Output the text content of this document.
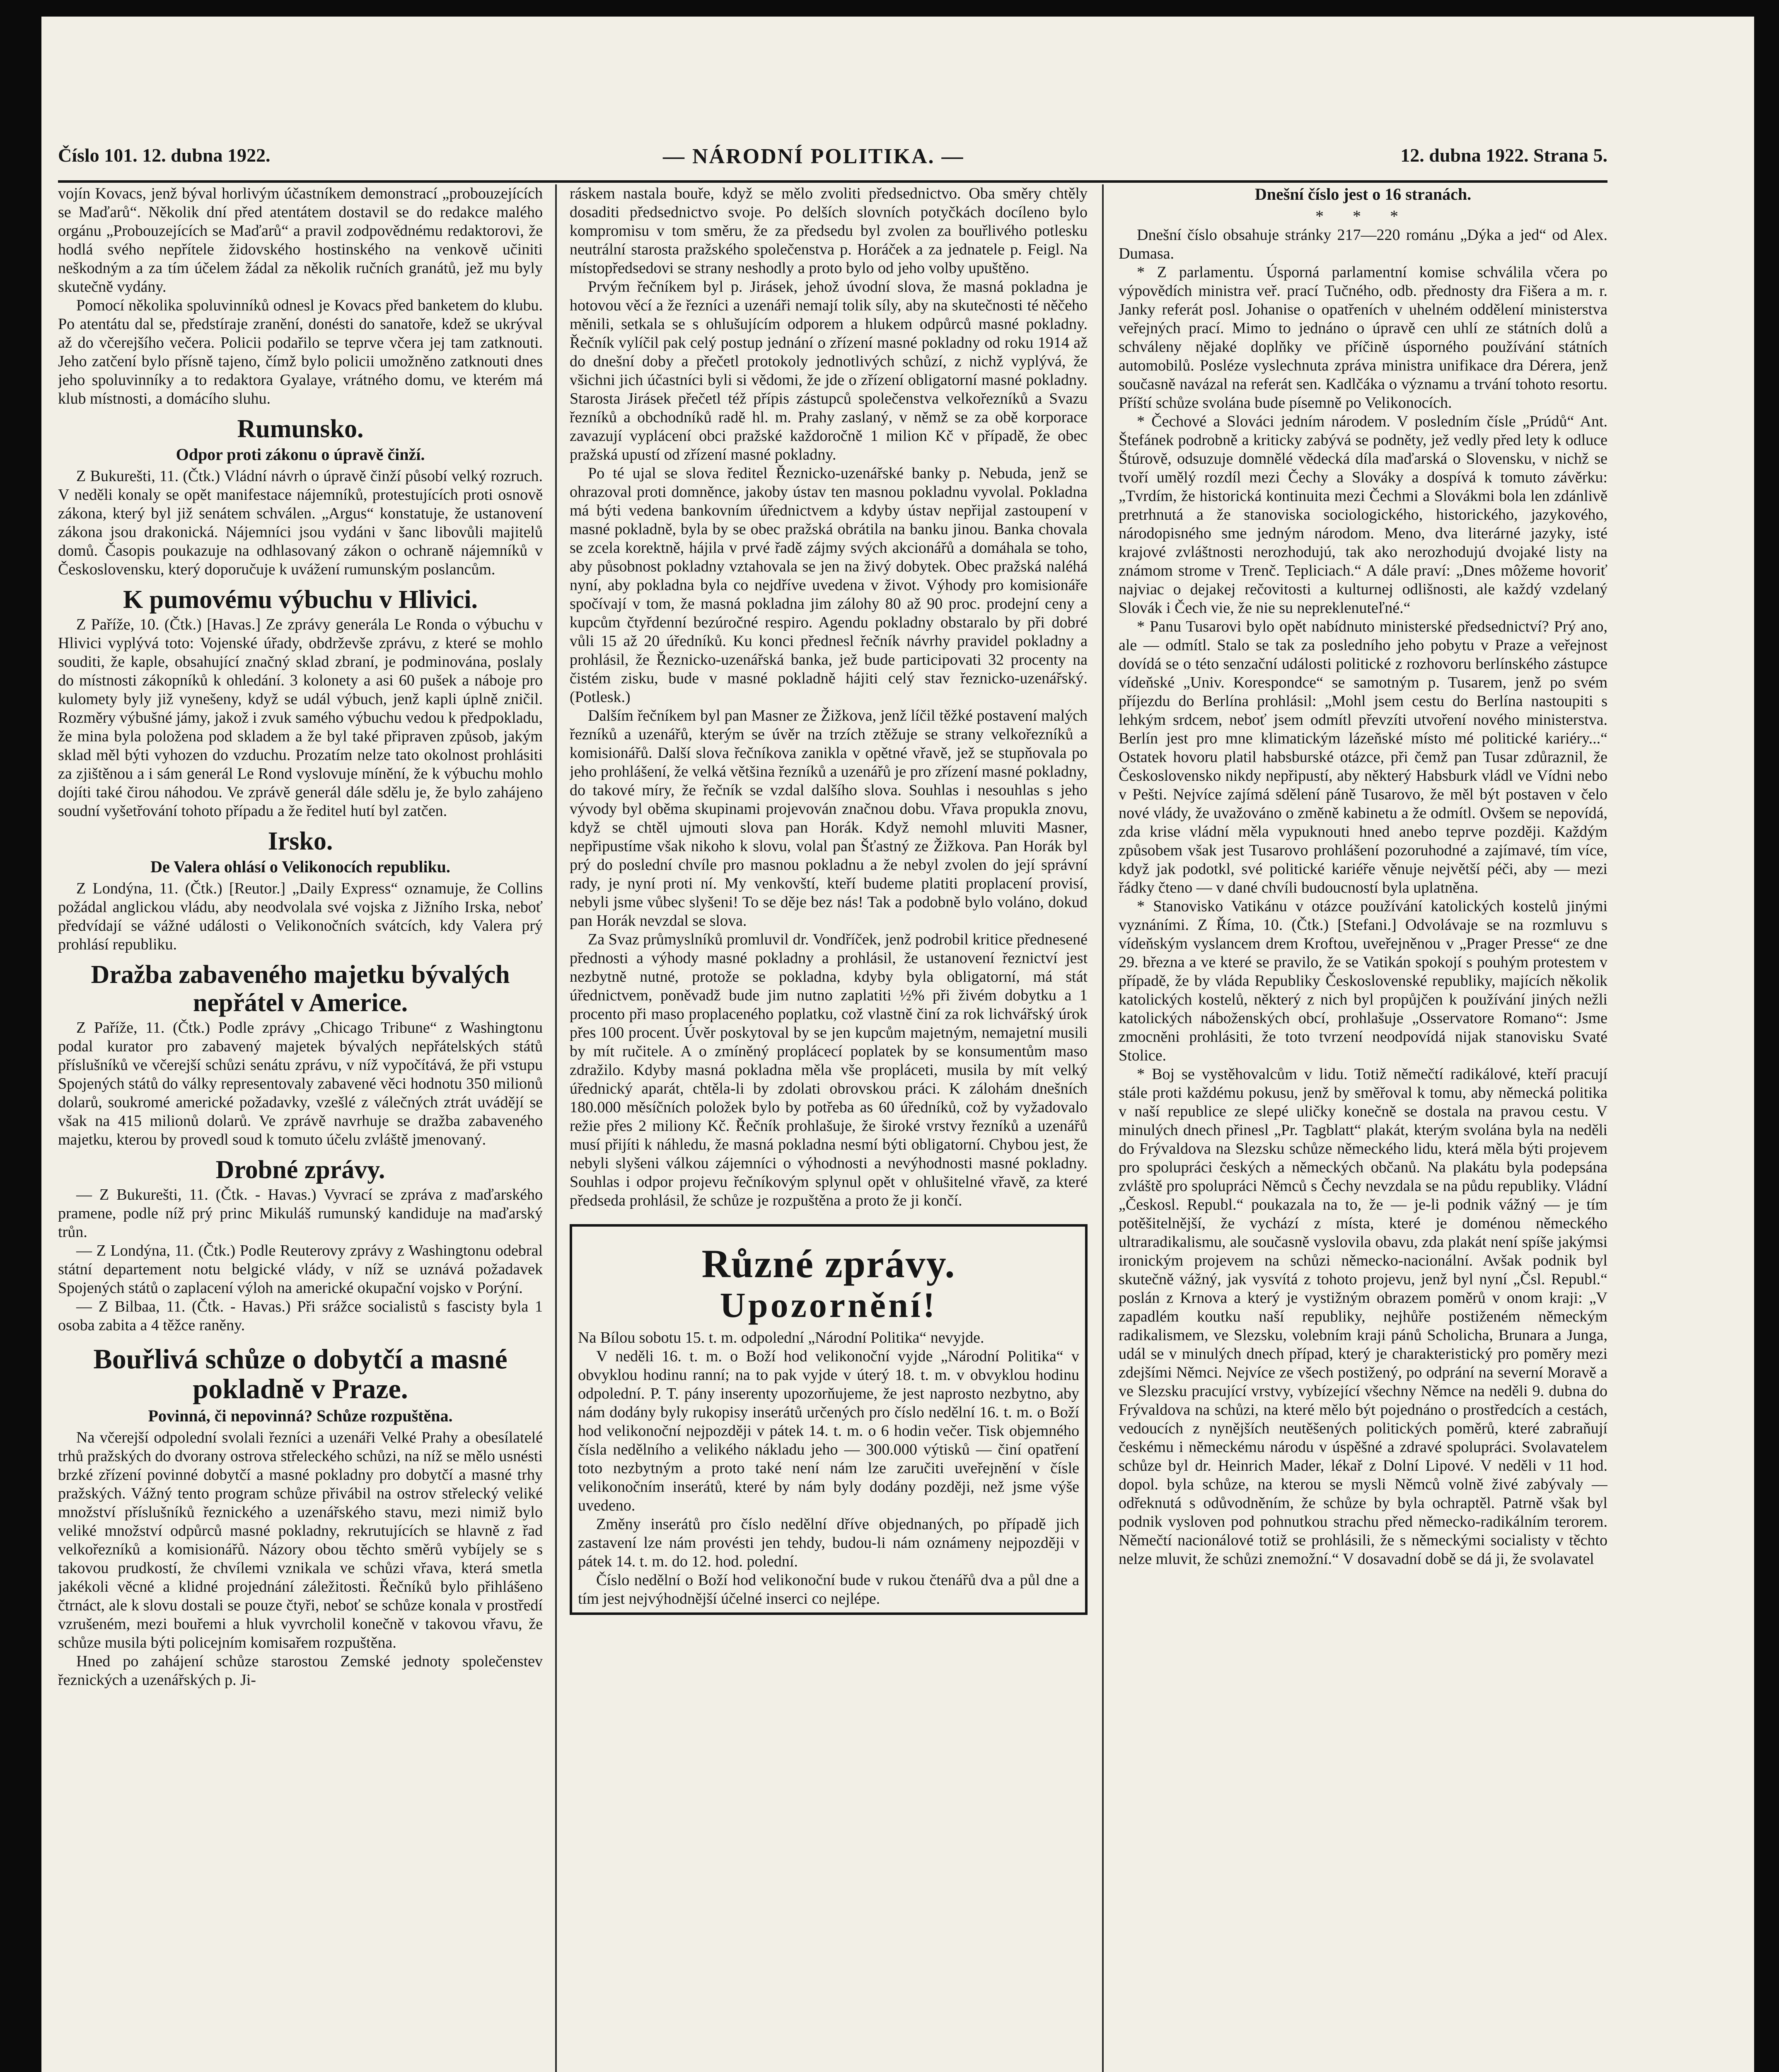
Číslo 101. 12. dubna 1922.	— NÁRODNÍ POLITIKA. —	12. dubna 1922. Strana 5.
vojín Kovacs, jenž býval horlivým účastníkem demonstrací „probouzejících se Maďarů“. Několik dní před atentátem dostavil se do redakce malého orgánu „Probouzejících se Maďarů“ a pravil zodpovědnému redaktorovi, že hodlá svého nepřítele židovského hostinského na venkově učiniti neškodným a za tím účelem žádal za několik ručních granátů, jež mu byly skutečně vydány.
Pomocí několika spoluvinníků odnesl je Kovacs před banketem do klubu. Po atentátu dal se, předstíraje zranění, donésti do sanatoře, kdež se ukrýval až do včerejšího večera. Policii podařilo se teprve včera jej tam zatknouti. Jeho zatčení bylo přísně tajeno, čímž bylo policii umožněno zatknouti dnes jeho spoluvinníky a to redaktora Gyalaye, vrátného domu, ve kterém má klub místnosti, a domácího sluhu.
Rumunsko.
Odpor proti zákonu o úpravě činží.
Z Bukurešti, 11. (Čtk.) Vládní návrh o úpravě činží působí velký rozruch. V neděli konaly se opět manifestace nájemníků, protestujících proti osnově zákona, který byl již senátem schválen. „Argus“ konstatuje, že ustanovení zákona jsou drakonická. Nájemníci jsou vydáni v šanc libovůli majitelů domů. Časopis poukazuje na odhlasovaný zákon o ochraně nájemníků v Československu, který doporučuje k uvážení rumunským poslancům.
K pumovému výbuchu v Hlivici.
Z Paříže, 10. (Čtk.) [Havas.] Ze zprávy generála Le Ronda o výbuchu v Hlivici vyplývá toto: Vojenské úřady, obdrževše zprávu, z které se mohlo souditi, že kaple, obsahující značný sklad zbraní, je podminována, poslaly do místnosti zákopníků k ohledání. 3 kolonety a asi 60 pušek a náboje pro kulomety byly již vynešeny, když se udál výbuch, jenž kapli úplně zničil. Rozměry výbušné jámy, jakož i zvuk samého výbuchu vedou k předpokladu, že mina byla položena pod skladem a že byl také připraven způsob, jakým sklad měl býti vyhozen do vzduchu. Prozatím nelze tato okolnost prohlásiti za zjištěnou a i sám generál Le Rond vyslovuje mínění, že k výbuchu mohlo dojíti také čirou náhodou. Ve zprávě generál dále sdělu je, že bylo zahájeno soudní vyšetřování tohoto případu a že ředitel hutí byl zatčen.
Irsko.
De Valera ohlásí o Velikonocích republiku.
Z Londýna, 11. (Čtk.) [Reutor.] „Daily Express“ oznamuje, že Collins požádal anglickou vládu, aby neodvolala své vojska z Jižního Irska, neboť předvídají se vážné události o Velikonočních svátcích, kdy Valera prý prohlásí republiku.
Dražba zabaveného majetku bývalých nepřátel v Americe.
Z Paříže, 11. (Čtk.) Podle zprávy „Chicago Tribune“ z Washingtonu podal kurator pro zabavený majetek bývalých nepřátelských států příslušníků ve včerejší schůzi senátu zprávu, v níž vypočítává, že při vstupu Spojených států do války representovaly zabavené věci hodnotu 350 milionů dolarů, soukromé americké požadavky, vzešlé z válečných ztrát uvádějí se však na 415 milionů dolarů. Ve zprávě navrhuje se dražba zabaveného majetku, kterou by provedl soud k tomuto účelu zvláště jmenovaný.
Drobné zprávy.
— Z Bukurešti, 11. (Čtk. - Havas.) Vyvrací se zpráva z maďarského pramene, podle níž prý princ Mikuláš rumunský kandiduje na maďarský trůn.
— Z Londýna, 11. (Čtk.) Podle Reuterovy zprávy z Washingtonu odebral státní departement notu belgické vlády, v níž se uznává požadavek Spojených států o zaplacení výloh na americké okupační vojsko v Porýní.
— Z Bilbaa, 11. (Čtk. - Havas.) Při srážce socialistů s fascisty byla 1 osoba zabita a 4 těžce raněny.
Bouřlivá schůze o dobytčí a masné pokladně v Praze.
Povinná, či nepovinná? Schůze rozpuštěna.
Na včerejší odpolední svolali řezníci a uzenáři Velké Prahy a obesílatelé trhů pražských do dvorany ostrova střeleckého schůzi, na níž se mělo usnésti brzké zřízení povinné dobytčí a masné pokladny pro dobytčí a masné trhy pražských. Vážný tento program schůze přivábil na ostrov střelecký veliké množství příslušníků řeznického a uzenářského stavu, mezi nimiž bylo veliké množství odpůrců masné pokladny, rekrutujících se hlavně z řad velkořezníků a komisionářů. Názory obou těchto směrů vybíjely se s takovou prudkostí, že chvílemi vznikala ve schůzi vřava, která smetla jakékoli věcné a klidné projednání záležitosti. Řečníků bylo přihlášeno čtrnáct, ale k slovu dostali se pouze čtyři, neboť se schůze konala v prostředí vzrušeném, mezi bouřemi a hluk vyvrcholil konečně v takovou vřavu, že schůze musila býti policejním komisařem rozpuštěna.
Hned po zahájení schůze starostou Zemské jednoty společenstev řeznických a uzenářských p. Ji-
ráskem nastala bouře, když se mělo zvoliti předsednictvo. Oba směry chtěly dosaditi předsednictvo svoje. Po delších slovních potyčkách docíleno bylo kompromisu v tom směru, že za předsedu byl zvolen za bouřlivého potlesku neutrální starosta pražského společenstva p. Horáček a za jednatele p. Feigl. Na místopředsedovi se strany neshodly a proto bylo od jeho volby upuštěno.
Prvým řečníkem byl p. Jirásek, jehož úvodní slova, že masná pokladna je hotovou věcí a že řezníci a uzenáři nemají tolik síly, aby na skutečnosti té něčeho měnili, setkala se s ohlušujícím odporem a hlukem odpůrců masné pokladny. Řečník vylíčil pak celý postup jednání o zřízení masné pokladny od roku 1914 až do dnešní doby a přečetl protokoly jednotlivých schůzí, z nichž vyplývá, že všichni jich účastníci byli si vědomi, že jde o zřízení obligatorní masné pokladny. Starosta Jirásek přečetl též přípis zástupců společenstva velkořezníků a Svazu řezníků a obchodníků radě hl. m. Prahy zaslaný, v němž se za obě korporace zavazují vyplácení obci pražské každoročně 1 milion Kč v případě, že obec pražská upustí od zřízení masné pokladny.
Po té ujal se slova ředitel Řeznicko-uzenářské banky p. Nebuda, jenž se ohrazoval proti domněnce, jakoby ústav ten masnou pokladnu vyvolal. Pokladna má býti vedena bankovním úřednictvem a kdyby ústav nepřijal zastoupení v masné pokladně, byla by se obec pražská obrátila na banku jinou. Banka chovala se zcela korektně, hájila v prvé řadě zájmy svých akcionářů a domáhala se toho, aby působnost pokladny vztahovala se jen na živý dobytek. Obec pražská naléhá nyní, aby pokladna byla co nejdříve uvedena v život. Výhody pro komisionáře spočívají v tom, že masná pokladna jim zálohy 80 až 90 proc. prodejní ceny a kupcům čtyřdenní bezúročné respiro. Agendu pokladny obstaralo by při dobré vůli 15 až 20 úředníků. Ku konci přednesl řečník návrhy pravidel pokladny a prohlásil, že Řeznicko-uzenářská banka, jež bude participovati 32 procenty na čistém zisku, bude v masné pokladně hájiti celý stav řeznicko-uzenářský. (Potlesk.)
Dalším řečníkem byl pan Masner ze Žižkova, jenž líčil těžké postavení malých řezníků a uzenářů, kterým se úvěr na trzích ztěžuje se strany velkořezníků a komisionářů. Další slova řečníkova zanikla v opětné vřavě, jež se stupňovala po jeho prohlášení, že velká většina řezníků a uzenářů je pro zřízení masné pokladny, do takové míry, že řečník se vzdal dalšího slova. Souhlas i nesouhlas s jeho vývody byl oběma skupinami projevován značnou dobu. Vřava propukla znovu, když se chtěl ujmouti slova pan Horák. Když nemohl mluviti Masner, nepřipustíme však nikoho k slovu, volal pan Šťastný ze Žižkova. Pan Horák byl prý do poslední chvíle pro masnou pokladnu a že nebyl zvolen do její správní rady, je nyní proti ní. My venkovští, kteří budeme platiti proplacení provisí, nebyli jsme vůbec slyšeni! To se děje bez nás! Tak a podobně bylo voláno, dokud pan Horák nevzdal se slova.
Za Svaz průmyslníků promluvil dr. Vondříček, jenž podrobil kritice přednesené přednosti a výhody masné pokladny a prohlásil, že ustanovení řeznictví jest nezbytně nutné, protože se pokladna, kdyby byla obligatorní, má stát úřednictvem, poněvadž bude jim nutno zaplatiti ½% při živém dobytku a 1 procento při maso proplaceného poplatku, což vlastně činí za rok lichvářský úrok přes 100 procent. Úvěr poskytoval by se jen kupcům majetným, nemajetní musili by mít ručitele. A o zmíněný proplácecí poplatek by se konsumentům maso zdražilo. Kdyby masná pokladna měla vše propláceti, musila by mít velký úřednický aparát, chtěla-li by zdolati obrovskou práci. K zálohám dnešních 180.000 měsíčních položek bylo by potřeba as 60 úředníků, což by vyžadovalo režie přes 2 miliony Kč. Řečník prohlašuje, že široké vrstvy řezníků a uzenářů musí přijíti k náhledu, že masná pokladna nesmí býti obligatorní. Chybou jest, že nebyli slyšeni válkou zájemníci o výhodnosti a nevýhodnosti masné pokladny. Souhlas i odpor projevu řečníkovým splynul opět v ohlušitelné vřavě, za které předseda prohlásil, že schůze je rozpuštěna a proto že ji končí.
Různé zprávy.
Upozornění!
Na Bílou sobotu 15. t. m. odpolední „Národní Politika“ nevyjde.
V neděli 16. t. m. o Boží hod velikonoční vyjde „Národní Politika“ v obvyklou hodinu ranní; na to pak vyjde v úterý 18. t. m. v obvyklou hodinu odpolední. P. T. pány inserenty upozorňujeme, že jest naprosto nezbytno, aby nám dodány byly rukopisy inserátů určených pro číslo nedělní 16. t. m. o Boží hod velikonoční nejpozději v pátek 14. t. m. o 6 hodin večer. Tisk objemného čísla nedělního a velikého nákladu jeho — 300.000 výtisků — činí opatření toto nezbytným a proto také není nám lze zaručiti uveřejnění v čísle velikonočním inserátů, které by nám byly dodány později, než jsme výše uvedeno.
Změny inserátů pro číslo nedělní dříve objednaných, po případě jich zastavení lze nám provésti jen tehdy, budou-li nám oznámeny nejpozději v pátek 14. t. m. do 12. hod. polední.
Číslo nedělní o Boží hod velikonoční bude v rukou čtenářů dva a půl dne a tím jest nejvýhodnější účelné inserci co nejlépe.
Dnešní číslo jest o 16 stranách.
* * *
Dnešní číslo obsahuje stránky 217—220 románu „Dýka a jed“ od Alex. Dumasa.
* Z parlamentu. Úsporná parlamentní komise schválila včera po výpovědích ministra veř. prací Tučného, odb. přednosty dra Fišera a m. r. Janky referát posl. Johanise o opatřeních v uhelném oddělení ministerstva veřejných prací. Mimo to jednáno o úpravě cen uhlí ze státních dolů a schváleny nějaké doplňky ve příčině úsporného používání státních automobilů. Posléze vyslechnuta zpráva ministra unifikace dra Dérera, jenž současně navázal na referát sen. Kadlčáka o významu a trvání tohoto resortu. Příští schůze svolána bude písemně po Velikonocích.
* Čechové a Slováci jedním národem. V posledním čísle „Prúdů“ Ant. Štefánek podrobně a kriticky zabývá se podněty, jež vedly před lety k odluce Štúrově, odsuzuje domnělé vědecká díla maďarská o Slovensku, v nichž se tvoří umělý rozdíl mezi Čechy a Slováky a dospívá k tomuto závěrku: „Tvrdím, že historická kontinuita mezi Čechmi a Slovákmi bola len zdánlivě pretrhnutá a že stanoviska sociologického, historického, jazykového, národopisného sme jedným národom. Meno, dva literárné jazyky, isté krajové zvláštnosti nerozhodujú, tak ako nerozhodujú dvojaké listy na známom strome v Trenč. Tepliciach.“ A dále praví: „Dnes môžeme hovoriť najviac o dejakej rečovitosti a kulturnej odlišnosti, ale každý vzdelaný Slovák i Čech vie, že nie su nepreklenuteľné.“
* Panu Tusarovi bylo opět nabídnuto ministerské předsednictví? Prý ano, ale — odmítl. Stalo se tak za posledního jeho pobytu v Praze a veřejnost dovídá se o této senzační události politické z rozhovoru berlínského zástupce vídeňské „Univ. Korespondce“ se samotným p. Tusarem, jenž po svém příjezdu do Berlína prohlásil: „Mohl jsem cestu do Berlína nastoupiti s lehkým srdcem, neboť jsem odmítl převzíti utvoření nového ministerstva. Berlín jest pro mne klimatickým lázeňské místo mé politické kariéry...“ Ostatek hovoru platil habsburské otázce, při čemž pan Tusar zdůraznil, že Československo nikdy nepřipustí, aby některý Habsburk vládl ve Vídni nebo v Pešti. Nejvíce zajímá sdělení páně Tusarovo, že měl být postaven v čelo nové vlády, že uvažováno o změně kabinetu a že odmítl. Ovšem se nepovídá, zda krise vládní měla vypuknouti hned anebo teprve později. Každým způsobem však jest Tusarovo prohlášení pozoruhodné a zajímavé, tím více, když jak podotkl, své politické kariéře věnuje největší péči, aby — mezi řádky čteno — v dané chvíli budoucností byla uplatněna.
* Stanovisko Vatikánu v otázce používání katolických kostelů jinými vyznáními. Z Říma, 10. (Čtk.) [Stefani.] Odvolávaje se na rozmluvu s vídeňským vyslancem drem Kroftou, uveřejněnou v „Prager Presse“ ze dne 29. března a ve které se pravilo, že se Vatikán spokojí s pouhým protestem v případě, že by vláda Republiky Československé republiky, majících několik katolických kostelů, některý z nich byl propůjčen k používání jiných nežli katolických náboženských obcí, prohlašuje „Osservatore Romano“: Jsme zmocněni prohlásiti, že toto tvrzení neodpovídá nijak stanovisku Svaté Stolice.
* Boj se vystěhovalcům v lidu. Totiž němečtí radikálové, kteří pracují stále proti každému pokusu, jenž by směřoval k tomu, aby německá politika v naší republice ze slepé uličky konečně se dostala na pravou cestu. V minulých dnech přinesl „Pr. Tagblatt“ plakát, kterým svolána byla na neděli do Frývaldova na Slezsku schůze německého lidu, která měla býti projevem pro spolupráci českých a německých občanů. Na plakátu byla podepsána zvláště pro spolupráci Němců s Čechy nevzdala se na půdu republiky. Vládní „Českosl. Republ.“ poukazala na to, že — je-li podnik vážný — je tím potěšitelnější, že vychází z místa, které je doménou německého ultraradikalismu, ale současně vyslovila obavu, zda plakát není spíše jakýmsi ironickým projevem na schůzi německo-nacionální. Avšak podnik byl skutečně vážný, jak vysvítá z tohoto projevu, jenž byl nyní „Čsl. Republ.“ poslán z Krnova a který je vystižným obrazem poměrů v onom kraji: „V zapadlém koutku naší republiky, nejhůře postiženém německým radikalismem, ve Slezsku, volebním kraji pánů Scholicha, Brunara a Junga, udál se v minulých dnech případ, který je charakteristický pro poměry mezi zdejšími Němci. Nejvíce ze všech postižený, po odprání na severní Moravě a ve Slezsku pracující vrstvy, vybízející všechny Němce na neděli 9. dubna do Frývaldova na schůzi, na které mělo být pojednáno o prostředcích a cestách, vedoucích z nynějších neutěšených politických poměrů, které zabraňují českému i německému národu v úspěšné a zdravé spolupráci. Svolavatelem schůze byl dr. Heinrich Mader, lékař z Dolní Lipové. V neděli v 11 hod. dopol. byla schůze, na kterou se mysli Němců volně živé zabývaly — odřeknutá s odůvodněním, že schůze by byla ochraptěl. Patrně však byl podnik vysloven pod pohnutkou strachu před německo-radikálním terorem. Němečtí nacionálové totiž se prohlásili, že s německými socialisty v těchto nelze mluvit, že schůzi znemožní.“ V dosavadní době se dá ji, že svolavatel
